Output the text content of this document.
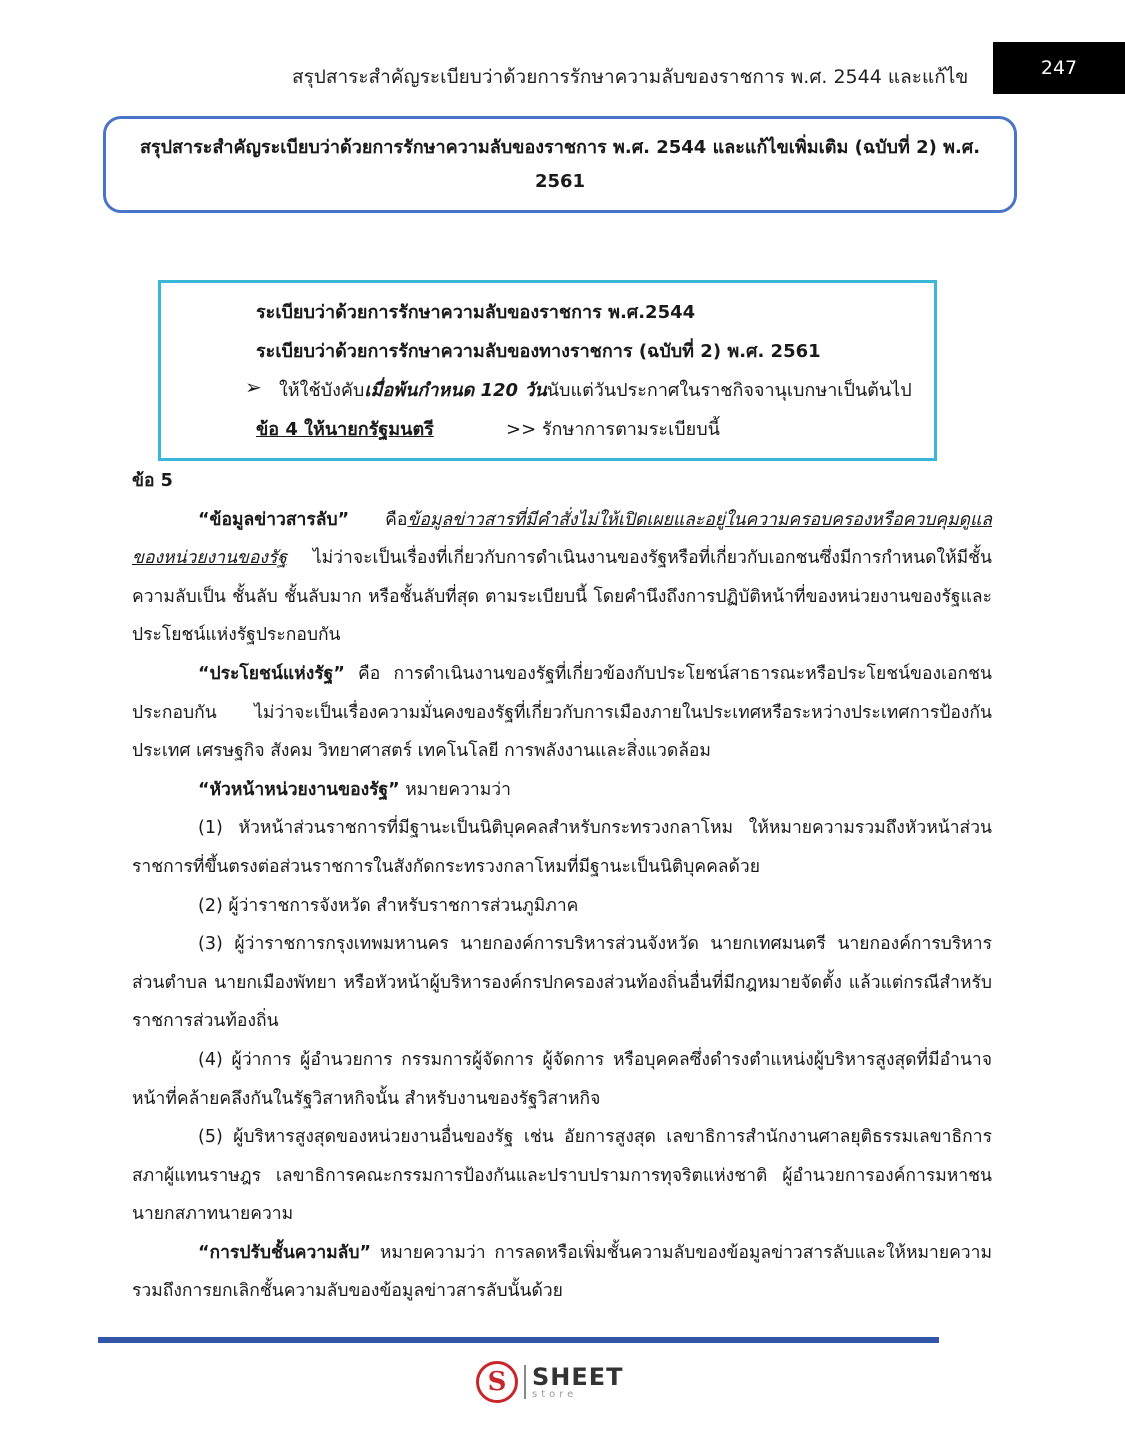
สรุปสาระสำคัญระเบียบว่าด้วยการรักษาความลับของราชการ พ.ศ. 2544 และแก้ไข	247
สรุปสาระสำคัญระเบียบว่าด้วยการรักษาความลับของราชการ พ.ศ. 2544 และแก้ไขเพิ่มเติม (ฉบับที่ 2) พ.ศ. 2561
ระเบียบว่าด้วยการรักษาความลับของราชการ พ.ศ.2544
ระเบียบว่าด้วยการรักษาความลับของทางราชการ (ฉบับที่ 2) พ.ศ. 2561
➢ ให้ใช้บังคับเมื่อพ้นกำหนด 120 วันนับแต่วันประกาศในราชกิจจานุเบกษาเป็นต้นไป
ข้อ 4 ให้นายกรัฐมนตรี	>> รักษาการตามระเบียบนี้

ข้อ 5

“ข้อมูลข่าวสารลับ” คือข้อมูลข่าวสารที่มีคำสั่งไม่ให้เปิดเผยและอยู่ในความครอบครองหรือควบคุมดูแลของหน่วยงานของรัฐ ไม่ว่าจะเป็นเรื่องที่เกี่ยวกับการดำเนินงานของรัฐหรือที่เกี่ยวกับเอกชนซึ่งมีการกำหนดให้มีชั้นความลับเป็น ชั้นลับ ชั้นลับมาก หรือชั้นลับที่สุด ตามระเบียบนี้ โดยคำนึงถึงการปฏิบัติหน้าที่ของหน่วยงานของรัฐและประโยชน์แห่งรัฐประกอบกัน

“ประโยชน์แห่งรัฐ” คือ การดำเนินงานของรัฐที่เกี่ยวข้องกับประโยชน์สาธารณะหรือประโยชน์ของเอกชนประกอบกัน ไม่ว่าจะเป็นเรื่องความมั่นคงของรัฐที่เกี่ยวกับการเมืองภายในประเทศหรือระหว่างประเทศการป้องกันประเทศ เศรษฐกิจ สังคม วิทยาศาสตร์ เทคโนโลยี การพลังงานและสิ่งแวดล้อม

“หัวหน้าหน่วยงานของรัฐ” หมายความว่า

(1) หัวหน้าส่วนราชการที่มีฐานะเป็นนิติบุคคลสำหรับกระทรวงกลาโหม ให้หมายความรวมถึงหัวหน้าส่วนราชการที่ขึ้นตรงต่อส่วนราชการในสังกัดกระทรวงกลาโหมที่มีฐานะเป็นนิติบุคคลด้วย

(2) ผู้ว่าราชการจังหวัด สำหรับราชการส่วนภูมิภาค

(3) ผู้ว่าราชการกรุงเทพมหานคร นายกองค์การบริหารส่วนจังหวัด นายกเทศมนตรี นายกองค์การบริหารส่วนตำบล นายกเมืองพัทยา หรือหัวหน้าผู้บริหารองค์กรปกครองส่วนท้องถิ่นอื่นที่มีกฎหมายจัดตั้ง แล้วแต่กรณีสำหรับราชการส่วนท้องถิ่น

(4) ผู้ว่าการ ผู้อำนวยการ กรรมการผู้จัดการ ผู้จัดการ หรือบุคคลซึ่งดำรงตำแหน่งผู้บริหารสูงสุดที่มีอำนาจหน้าที่คล้ายคลึงกันในรัฐวิสาหกิจนั้น สำหรับงานของรัฐวิสาหกิจ

(5) ผู้บริหารสูงสุดของหน่วยงานอื่นของรัฐ เช่น อัยการสูงสุด เลขาธิการสำนักงานศาลยุติธรรมเลขาธิการสภาผู้แทนราษฎร เลขาธิการคณะกรรมการป้องกันและปราบปรามการทุจริตแห่งชาติ ผู้อำนวยการองค์การมหาชน นายกสภาทนายความ

“การปรับชั้นความลับ” หมายความว่า การลดหรือเพิ่มชั้นความลับของข้อมูลข่าวสารลับและให้หมายความรวมถึงการยกเลิกชั้นความลับของข้อมูลข่าวสารลับนั้นด้วย

S	SHEET
store
